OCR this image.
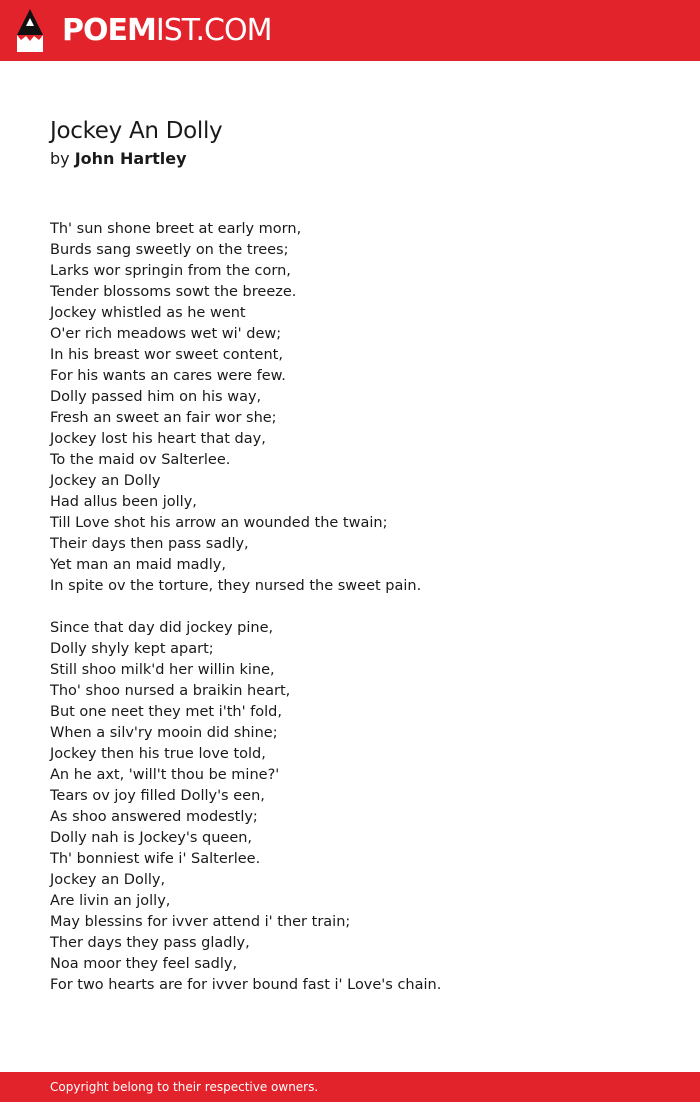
POEMIST.COM
Jockey An Dolly
by John Hartley
Th' sun shone breet at early morn,
Burds sang sweetly on the trees;
Larks wor springin from the corn,
Tender blossoms sowt the breeze.
Jockey whistled as he went
O'er rich meadows wet wi' dew;
In his breast wor sweet content,
For his wants an cares were few.
Dolly passed him on his way,
Fresh an sweet an fair wor she;
Jockey lost his heart that day,
To the maid ov Salterlee.
Jockey an Dolly
Had allus been jolly,
Till Love shot his arrow an wounded the twain;
Their days then pass sadly,
Yet man an maid madly,
In spite ov the torture, they nursed the sweet pain.
Since that day did jockey pine,
Dolly shyly kept apart;
Still shoo milk'd her willin kine,
Tho' shoo nursed a braikin heart,
But one neet they met i'th' fold,
When a silv'ry mooin did shine;
Jockey then his true love told,
An he axt, 'will't thou be mine?'
Tears ov joy filled Dolly's een,
As shoo answered modestly;
Dolly nah is Jockey's queen,
Th' bonniest wife i' Salterlee.
Jockey an Dolly,
Are livin an jolly,
May blessins for ivver attend i' ther train;
Ther days they pass gladly,
Noa moor they feel sadly,
For two hearts are for ivver bound fast i' Love's chain.
Copyright belong to their respective owners.
